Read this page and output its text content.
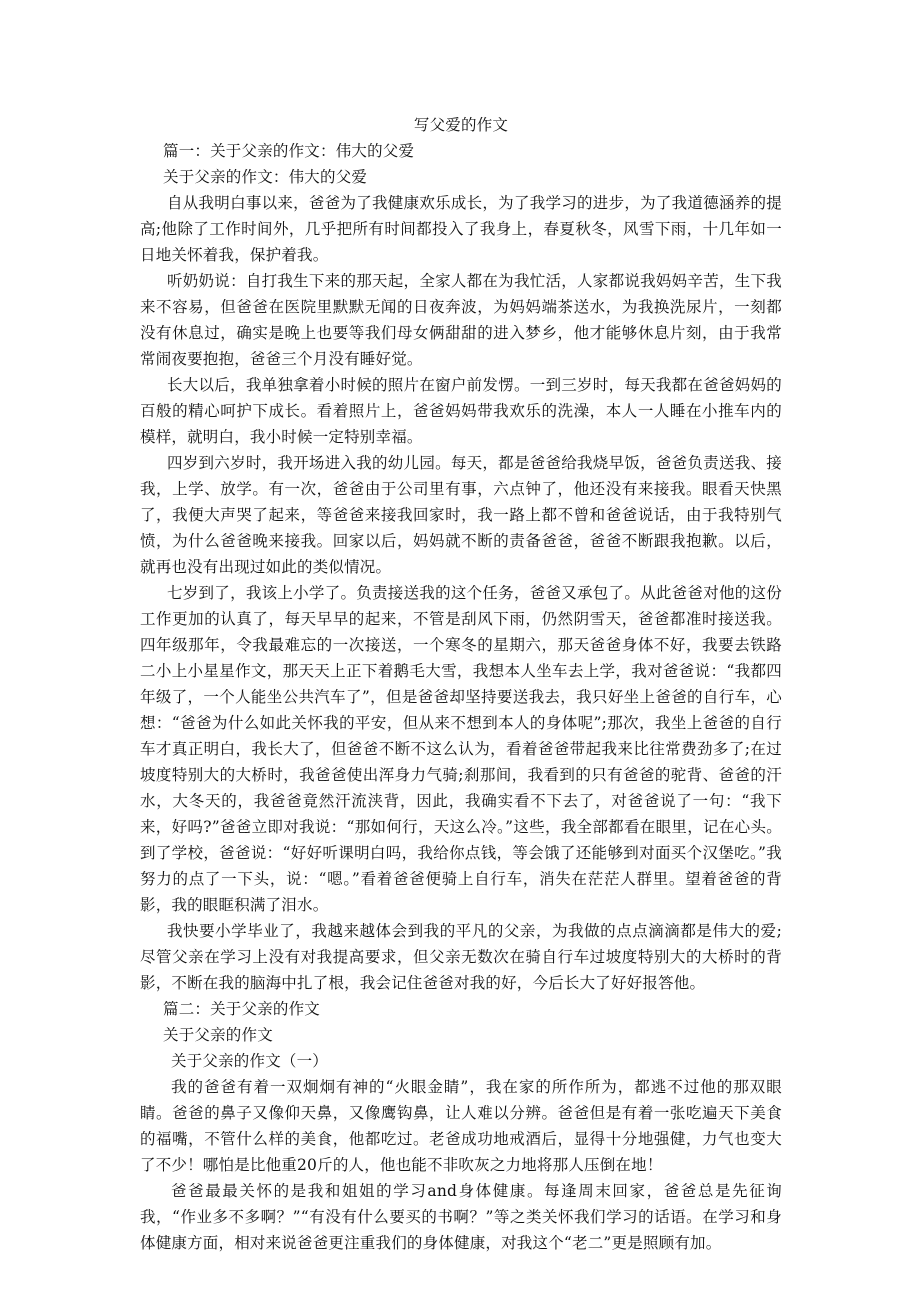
写父爱的作文

篇一：关于父亲的作文：伟大的父爱

关于父亲的作文：伟大的父爱

自从我明白事以来，爸爸为了我健康欢乐成长，为了我学习的进步，为了我道德涵养的提高;他除了工作时间外，几乎把所有时间都投入了我身上，春夏秋冬，风雪下雨，十几年如一日地关怀着我，保护着我。

听奶奶说：自打我生下来的那天起，全家人都在为我忙活，人家都说我妈妈辛苦，生下我来不容易，但爸爸在医院里默默无闻的日夜奔波，为妈妈端茶送水，为我换洗尿片，一刻都没有休息过，确实是晚上也要等我们母女俩甜甜的进入梦乡，他才能够休息片刻，由于我常常闹夜要抱抱，爸爸三个月没有睡好觉。

长大以后，我单独拿着小时候的照片在窗户前发愣。一到三岁时，每天我都在爸爸妈妈的百般的精心呵护下成长。看着照片上，爸爸妈妈带我欢乐的洗澡，本人一人睡在小推车内的模样，就明白，我小时候一定特别幸福。

四岁到六岁时，我开场进入我的幼儿园。每天，都是爸爸给我烧早饭，爸爸负责送我、接我，上学、放学。有一次，爸爸由于公司里有事，六点钟了，他还没有来接我。眼看天快黑了，我便大声哭了起来，等爸爸来接我回家时，我一路上都不曾和爸爸说话，由于我特别气愤，为什么爸爸晚来接我。回家以后，妈妈就不断的责备爸爸，爸爸不断跟我抱歉。以后，就再也没有出现过如此的类似情况。

七岁到了，我该上小学了。负责接送我的这个任务，爸爸又承包了。从此爸爸对他的这份工作更加的认真了，每天早早的起来，不管是刮风下雨，仍然阴雪天，爸爸都准时接送我。四年级那年，令我最难忘的一次接送，一个寒冬的星期六，那天爸爸身体不好，我要去铁路二小上小星星作文，那天天上正下着鹅毛大雪，我想本人坐车去上学，我对爸爸说：“我都四年级了，一个人能坐公共汽车了”，但是爸爸却坚持要送我去，我只好坐上爸爸的自行车，心想：“爸爸为什么如此关怀我的平安，但从来不想到本人的身体呢”;那次，我坐上爸爸的自行车才真正明白，我长大了，但爸爸不断不这么认为，看着爸爸带起我来比往常费劲多了;在过坡度特别大的大桥时，我爸爸使出浑身力气骑;刹那间，我看到的只有爸爸的驼背、爸爸的汗水，大冬天的，我爸爸竟然汗流浃背，因此，我确实看不下去了，对爸爸说了一句：“我下来，好吗?”爸爸立即对我说：“那如何行，天这么冷。”这些，我全部都看在眼里，记在心头。到了学校，爸爸说：“好好听课明白吗，我给你点钱，等会饿了还能够到对面买个汉堡吃。”我努力的点了一下头，说：“嗯。”看着爸爸便骑上自行车，消失在茫茫人群里。望着爸爸的背影，我的眼眶积满了泪水。

我快要小学毕业了，我越来越体会到我的平凡的父亲，为我做的点点滴滴都是伟大的爱;尽管父亲在学习上没有对我提高要求，但父亲无数次在骑自行车过坡度特别大的大桥时的背影，不断在我的脑海中扎了根，我会记住爸爸对我的好，今后长大了好好报答他。

篇二：关于父亲的作文

关于父亲的作文

关于父亲的作文（一）

我的爸爸有着一双炯炯有神的“火眼金睛”，我在家的所作所为，都逃不过他的那双眼睛。爸爸的鼻子又像仰天鼻，又像鹰钩鼻，让人难以分辨。爸爸但是有着一张吃遍天下美食的福嘴，不管什么样的美食，他都吃过。老爸成功地戒酒后，显得十分地强健，力气也变大了不少！哪怕是比他重20斤的人，他也能不非吹灰之力地将那人压倒在地！

爸爸最最关怀的是我和姐姐的学习and身体健康。每逢周末回家，爸爸总是先征询我，“作业多不多啊？”“有没有什么要买的书啊？”等之类关怀我们学习的话语。在学习和身体健康方面，相对来说爸爸更注重我们的身体健康，对我这个“老二”更是照顾有加。
